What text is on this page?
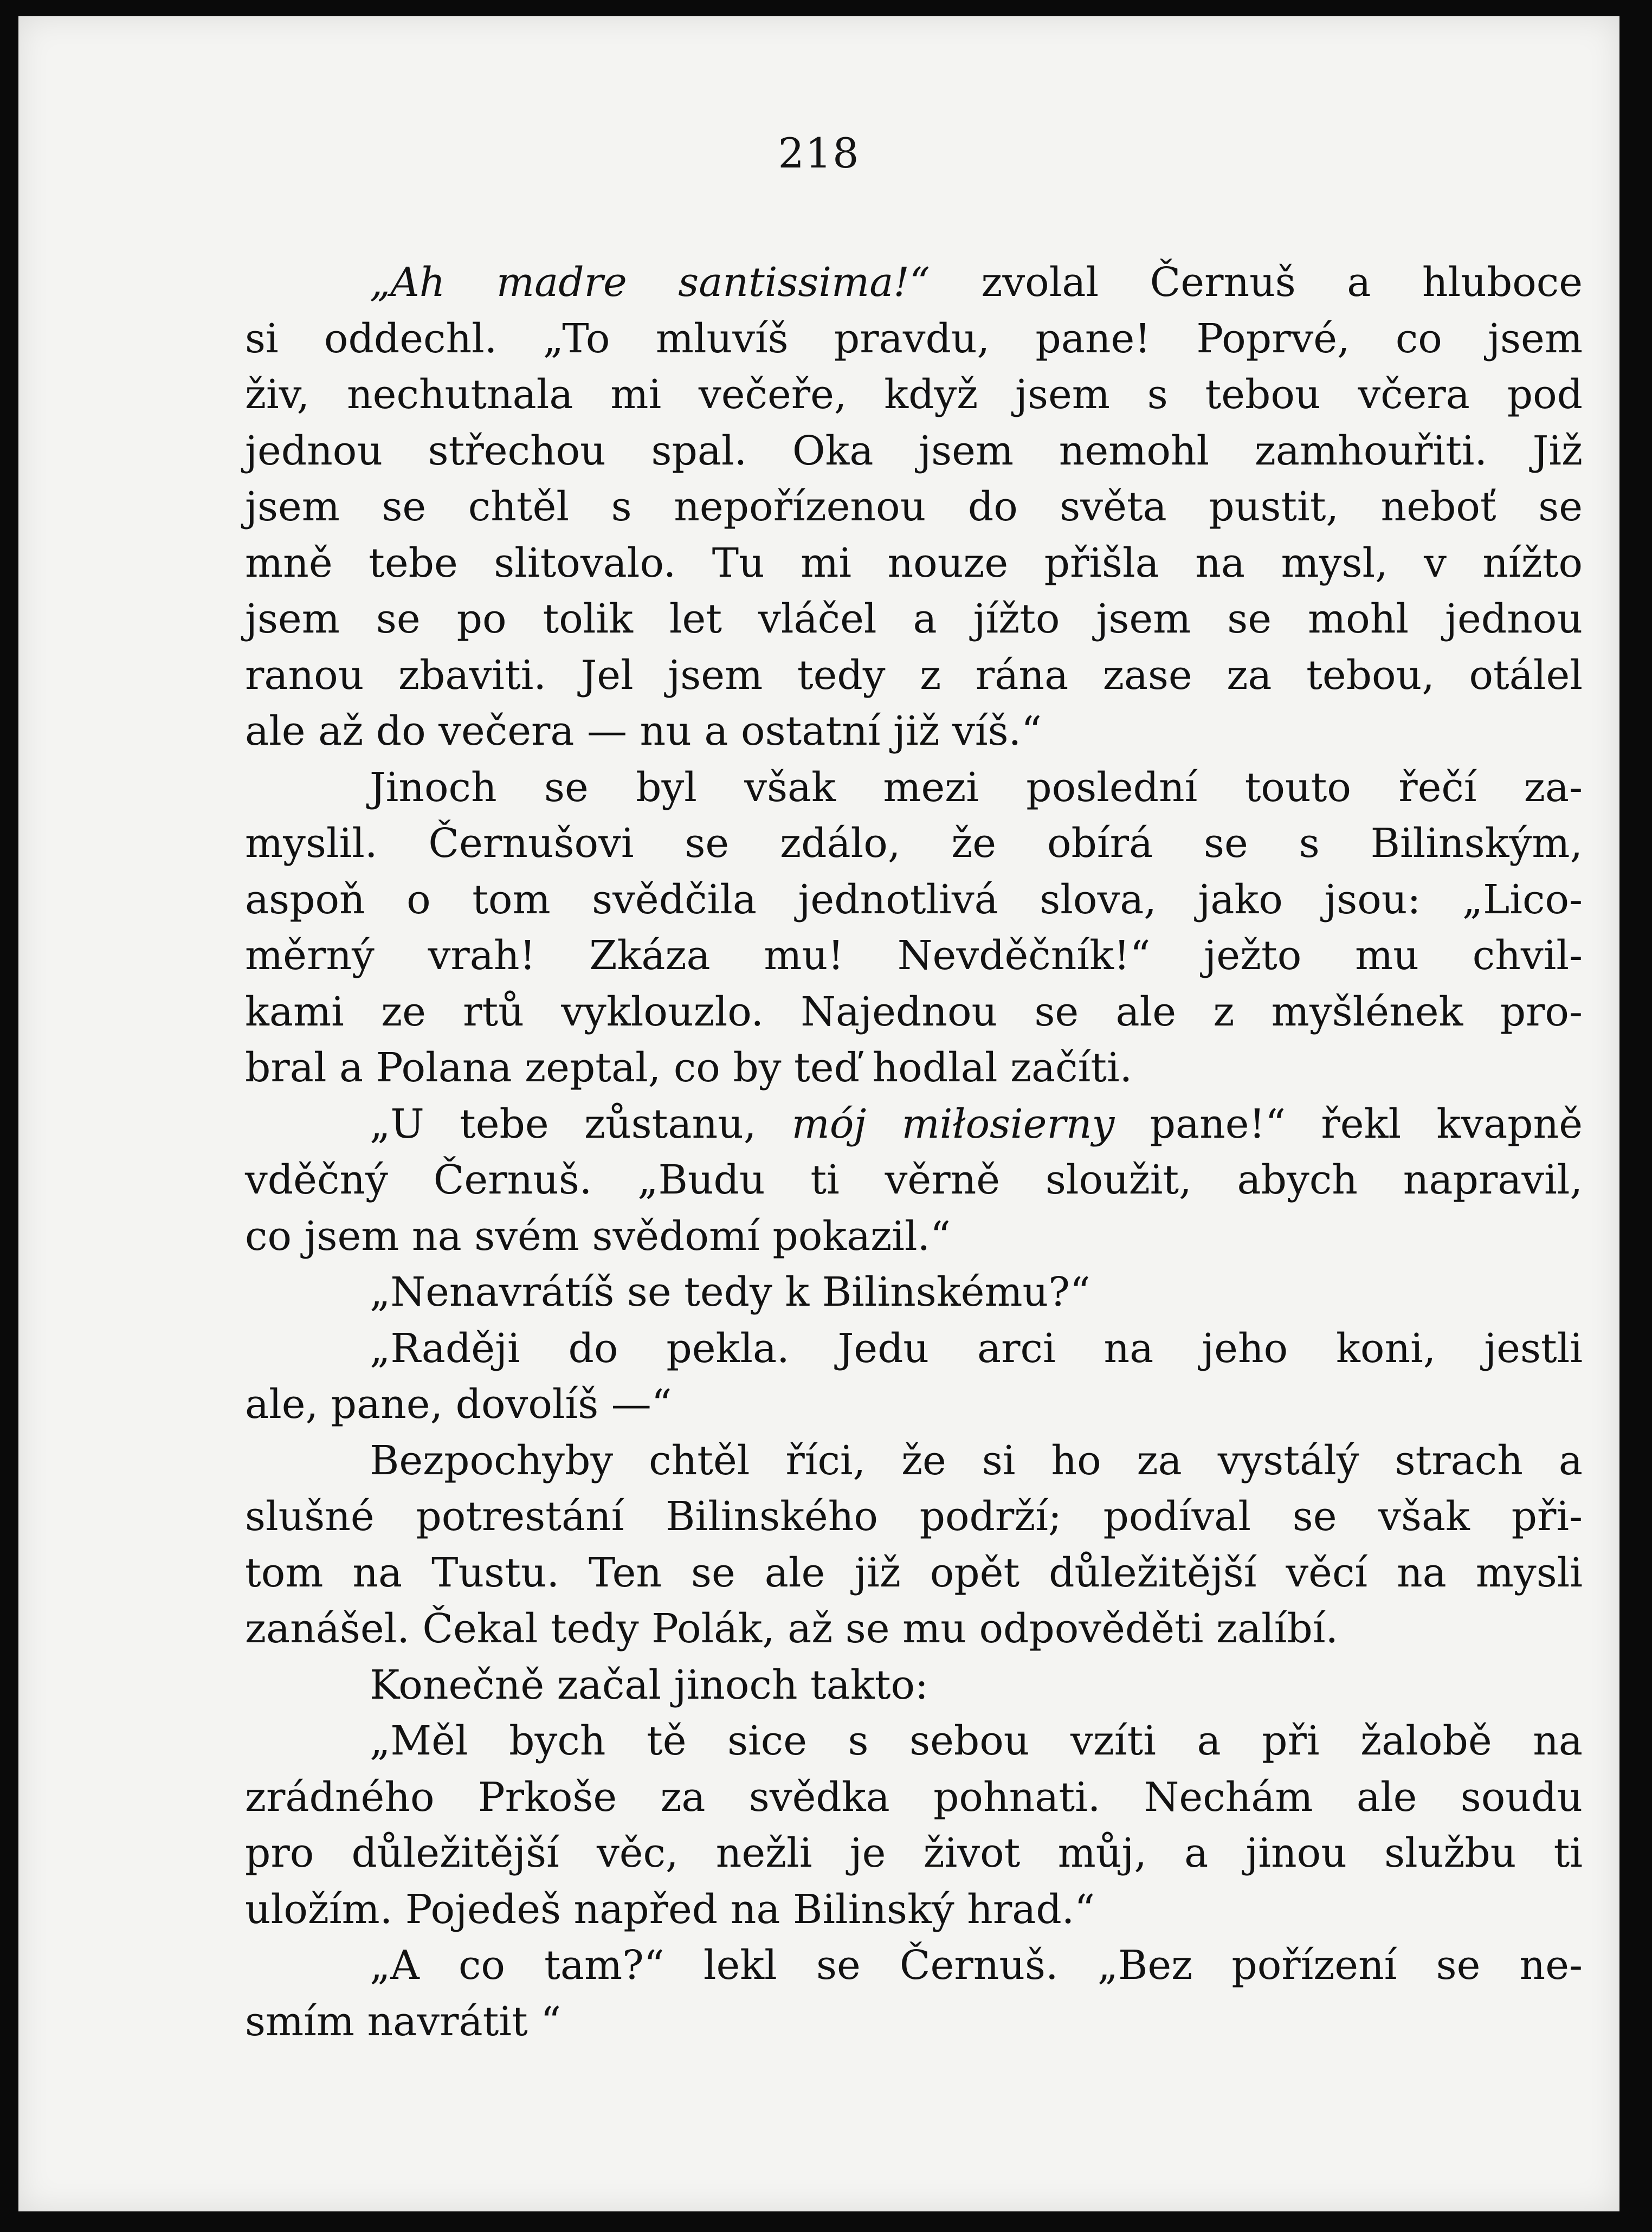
218
„Ah madre santissima!“ zvolal Černuš a hluboce
si oddechl. „To mluvíš pravdu, pane! Poprvé, co jsem
živ, nechutnala mi večeře, když jsem s tebou včera pod
jednou střechou spal. Oka jsem nemohl zamhouřiti. Již
jsem se chtěl s nepořízenou do světa pustit, neboť se
mně tebe slitovalo. Tu mi nouze přišla na mysl, v nížto
jsem se po tolik let vláčel a jížto jsem se mohl jednou
ranou zbaviti. Jel jsem tedy z rána zase za tebou, otálel
ale až do večera — nu a ostatní již víš.“
Jinoch se byl však mezi poslední touto řečí za-
myslil. Černušovi se zdálo, že obírá se s Bilinským,
aspoň o tom svědčila jednotlivá slova, jako jsou: „Lico-
měrný vrah! Zkáza mu! Nevděčník!“ ježto mu chvil-
kami ze rtů vyklouzlo. Najednou se ale z myšlének pro-
bral a Polana zeptal, co by teď hodlal začíti.
„U tebe zůstanu, mój miłosierny pane!“ řekl kvapně
vděčný Černuš. „Budu ti věrně sloužit, abych napravil,
co jsem na svém svědomí pokazil.“
„Nenavrátíš se tedy k Bilinskému?“
„Raději do pekla. Jedu arci na jeho koni, jestli
ale, pane, dovolíš —“
Bezpochyby chtěl říci, že si ho za vystálý strach a
slušné potrestání Bilinského podrží; podíval se však při-
tom na Tustu. Ten se ale již opět důležitější věcí na mysli
zanášel. Čekal tedy Polák, až se mu odpověděti zalíbí.
Konečně začal jinoch takto:
„Měl bych tě sice s sebou vzíti a při žalobě na
zrádného Prkoše za svědka pohnati. Nechám ale soudu
pro důležitější věc, nežli je život můj, a jinou službu ti
uložím. Pojedeš napřed na Bilinský hrad.“
„A co tam?“ lekl se Černuš. „Bez pořízení se ne-
smím navrátit “
